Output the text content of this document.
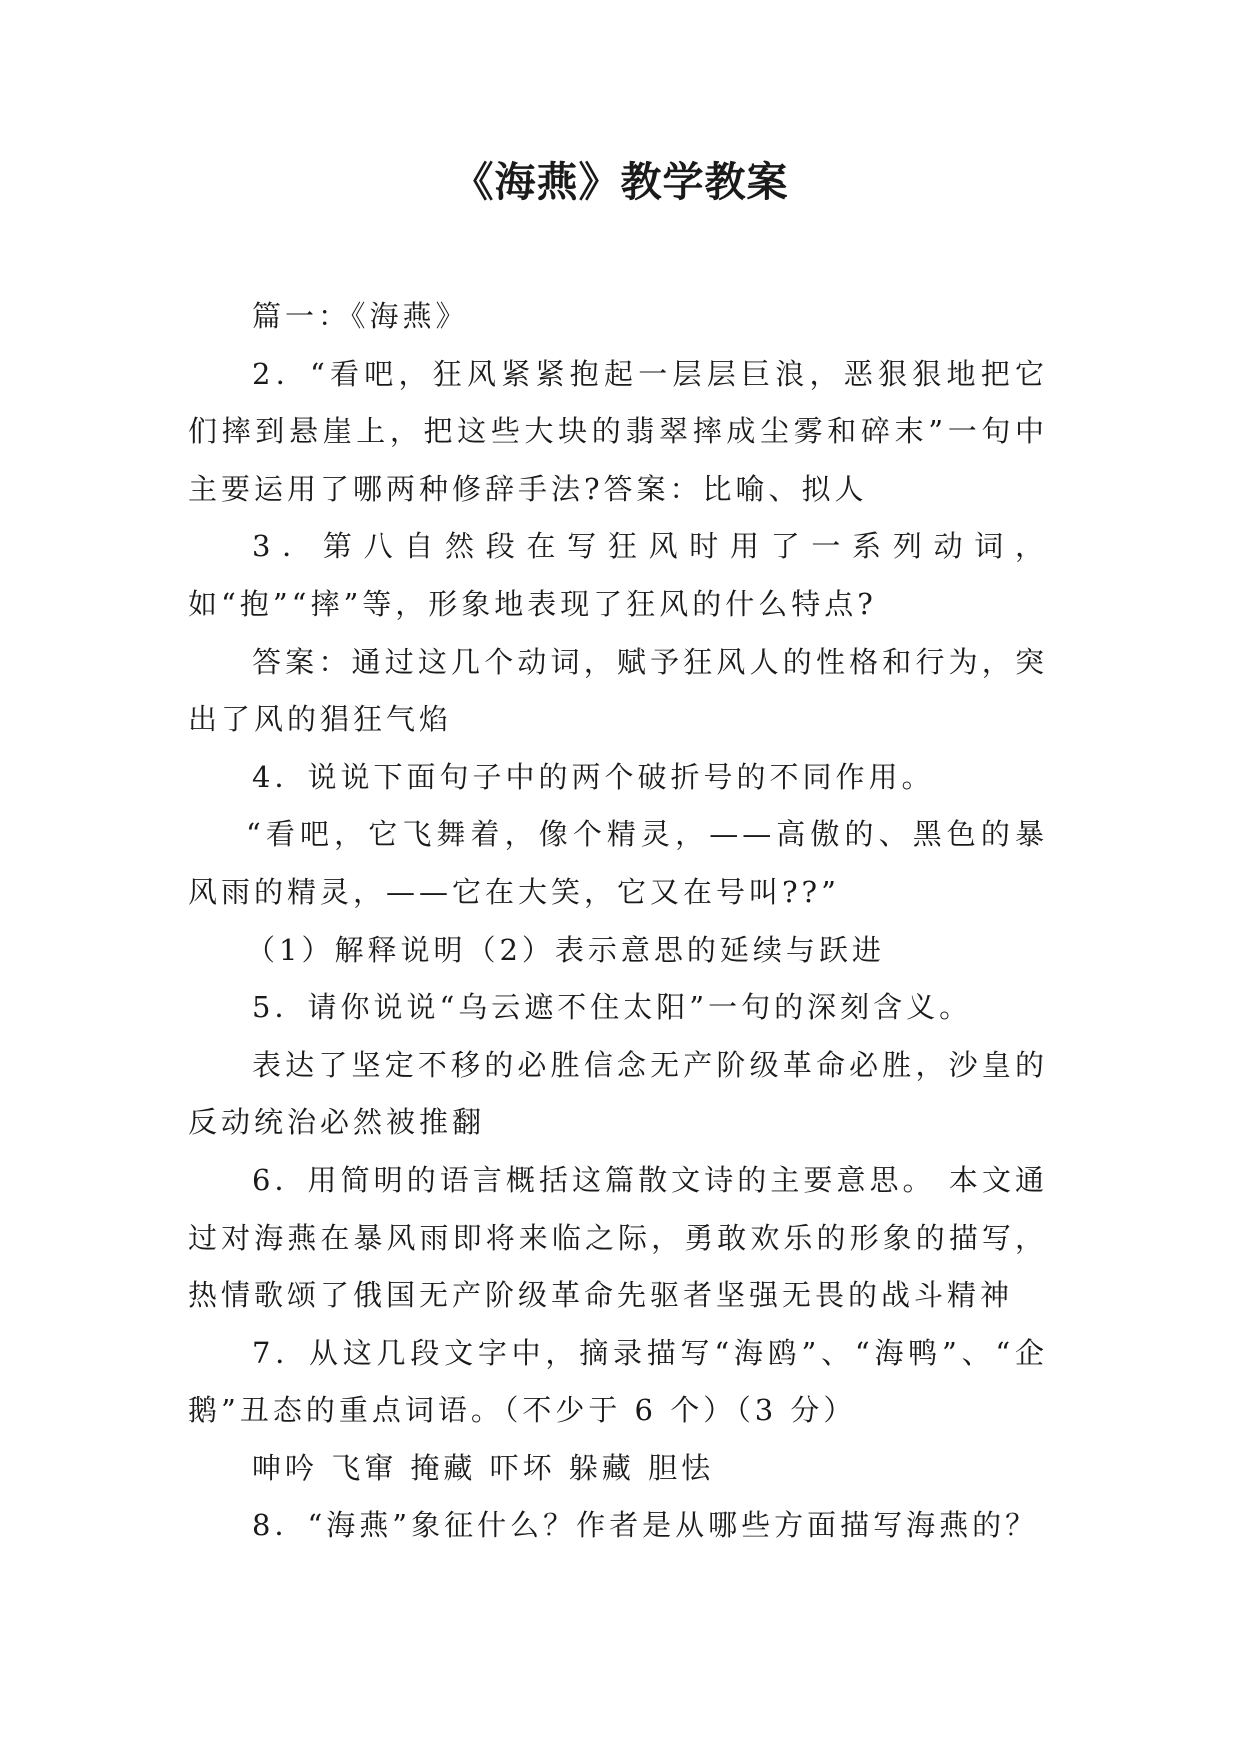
《海燕》教学教案

篇一：《海燕》

2．“看吧，狂风紧紧抱起一层层巨浪，恶狠狠地把它们摔到悬崖上，把这些大块的翡翠摔成尘雾和碎末”一句中主要运用了哪两种修辞手法?答案：比喻、拟人

3．第八自然段在写狂风时用了一系列动词，如“抱”“摔”等，形象地表现了狂风的什么特点?

答案：通过这几个动词，赋予狂风人的性格和行为，突出了风的猖狂气焰

4．说说下面句子中的两个破折号的不同作用。

“看吧，它飞舞着，像个精灵，——高傲的、黑色的暴风雨的精灵，——它在大笑，它又在号叫??”

（1）解释说明（2）表示意思的延续与跃进

5．请你说说“乌云遮不住太阳”一句的深刻含义。

表达了坚定不移的必胜信念无产阶级革命必胜，沙皇的反动统治必然被推翻

6．用简明的语言概括这篇散文诗的主要意思。 本文通过对海燕在暴风雨即将来临之际，勇敢欢乐的形象的描写，热情歌颂了俄国无产阶级革命先驱者坚强无畏的战斗精神

7．从这几段文字中，摘录描写“海鸥”、“海鸭”、“企鹅”丑态的重点词语。（不少于 6 个）（3 分）

呻吟 飞窜 掩藏 吓坏 躲藏 胆怯

8．“海燕”象征什么？作者是从哪些方面描写海燕的？
